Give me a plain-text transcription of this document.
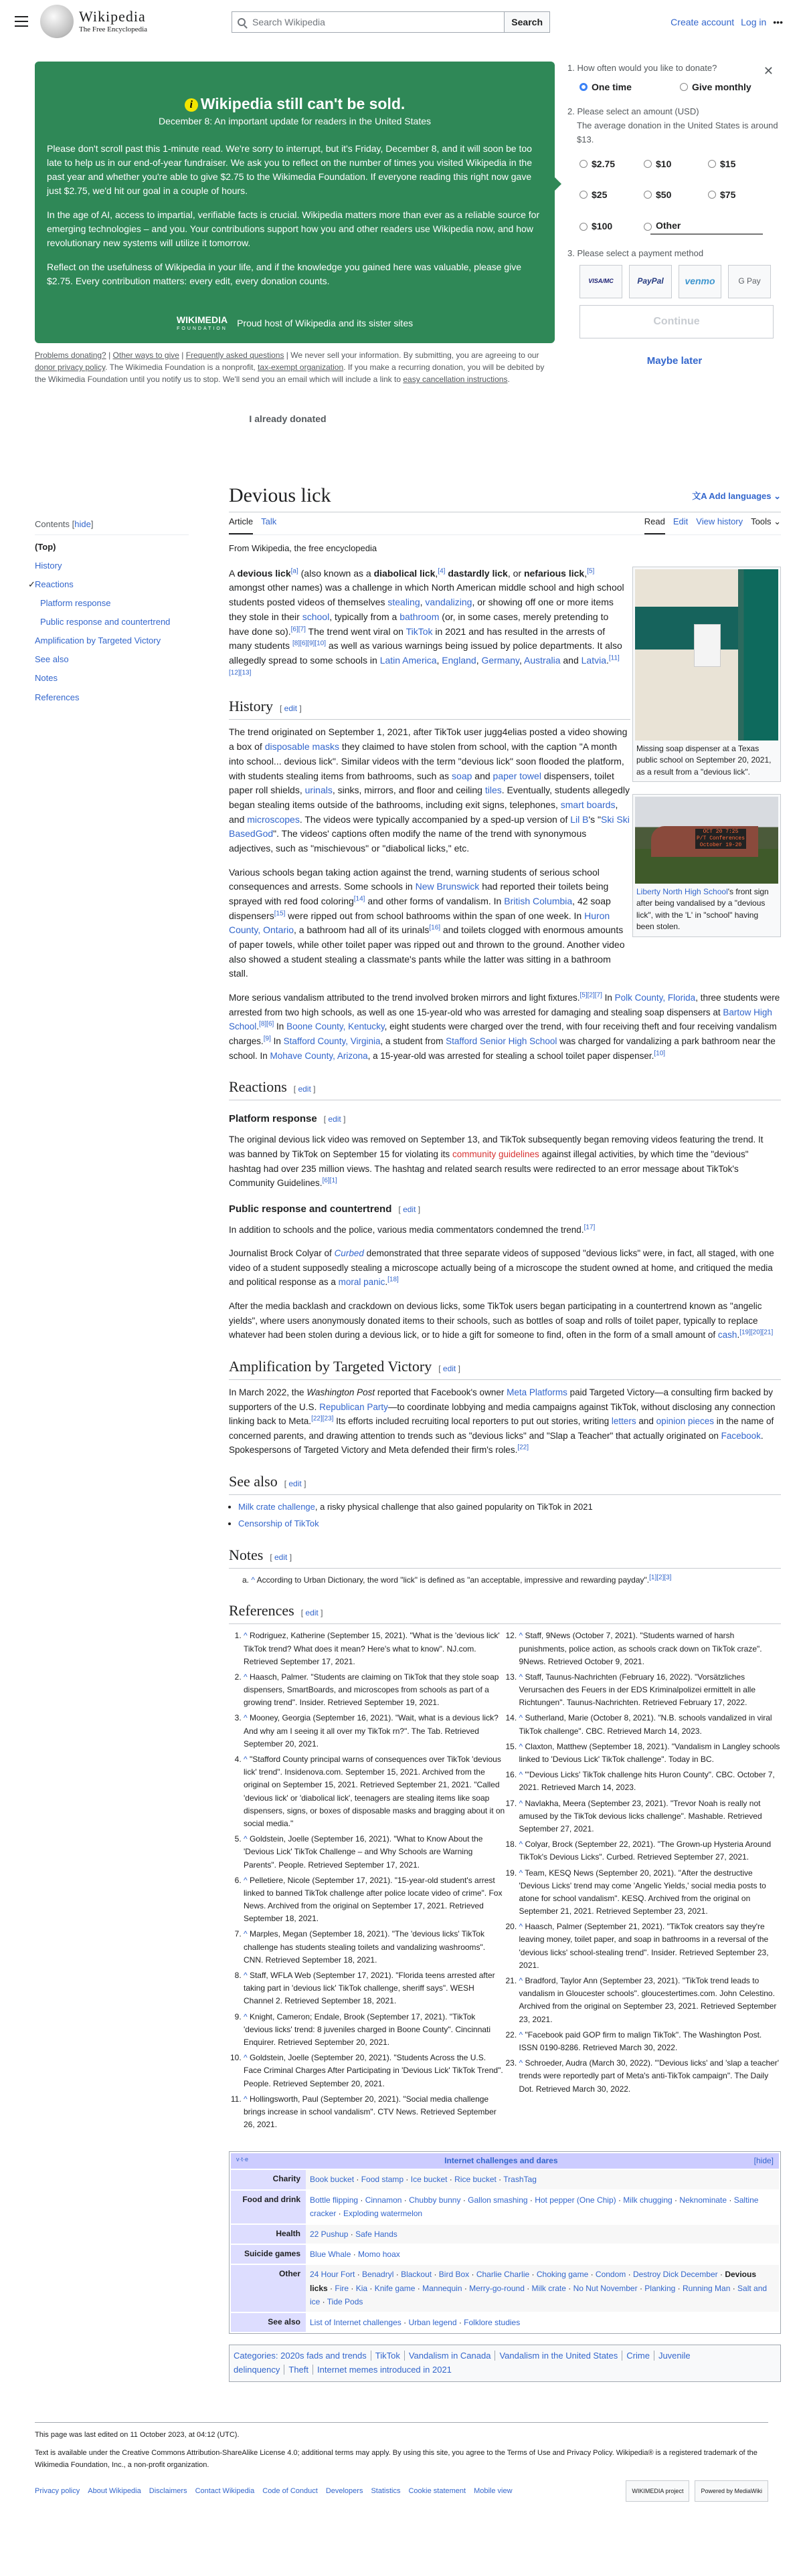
Wikipedia
The Free Encyclopedia
Search Wikipedia	Search	Create account Log in •••
i Wikipedia still can't be sold.
December 8: An important update for readers in the United States

Please don't scroll past this 1-minute read. We're sorry to interrupt, but it's Friday, December 8, and it will soon be too late to help us in our end-of-year fundraiser. We ask you to reflect on the number of times you visited Wikipedia in the past year and whether you're able to give $2.75 to the Wikimedia Foundation. If everyone reading this right now gave just $2.75, we'd hit our goal in a couple of hours.

In the age of AI, access to impartial, verifiable facts is crucial. Wikipedia matters more than ever as a reliable source for emerging technologies – and you. Your contributions support how you and other readers use Wikipedia now, and how revolutionary new systems will utilize it tomorrow.

Reflect on the usefulness of Wikipedia in your life, and if the knowledge you gained here was valuable, please give $2.75. Every contribution matters: every edit, every donation counts.

WIKIMEDIA
FOUNDATION
Proud host of Wikipedia and its sister sites
✕
1. How often would you like to donate?
One time	Give monthly
2. Please select an amount (USD)
The average donation in the United States is around $13.
$2.75	$10	$15
$25	$50	$75
$100	Other
3. Please select a payment method
VISA/MC	PayPal	venmo	G Pay
Continue
Maybe later
Problems donating? | Other ways to give | Frequently asked questions | We never sell your information. By submitting, you are agreeing to our donor privacy policy. The Wikimedia Foundation is a nonprofit, tax-exempt organization. If you make a recurring donation, you will be debited by the Wikimedia Foundation until you notify us to stop. We'll send you an email which will include a link to easy cancellation instructions.
I already donated
Contents [hide]
(Top)
History
✓ Reactions
Platform response
Public response and countertrend
Amplification by Targeted Victory
See also
Notes
References
Devious lick	文A Add languages ⌄
Article Talk	Read Edit View history Tools ⌄
From Wikipedia, the free encyclopedia
Missing soap dispenser at a Texas public school on September 20, 2021, as a result from a "devious lick".
OCT 20 7:25
P/T Conferences
October 19-20
Liberty North High School's front sign after being vandalised by a "devious lick", with the 'L' in "school" having been stolen.

A devious lick[a] (also known as a diabolical lick,[4] dastardly lick, or nefarious lick,[5] amongst other names) was a challenge in which North American middle school and high school students posted videos of themselves stealing, vandalizing, or showing off one or more items they stole in their school, typically from a bathroom (or, in some cases, merely pretending to have done so).[6][7] The trend went viral on TikTok in 2021 and has resulted in the arrests of many students [8][6][9][10] as well as various warnings being issued by police departments. It also allegedly spread to some schools in Latin America, England, Germany, Australia and Latvia.[11][12][13]

History [ edit ]

The trend originated on September 1, 2021, after TikTok user jugg4elias posted a video showing a box of disposable masks they claimed to have stolen from school, with the caption "A month into school... devious lick". Similar videos with the term "devious lick" soon flooded the platform, with students stealing items from bathrooms, such as soap and paper towel dispensers, toilet paper roll shields, urinals, sinks, mirrors, and floor and ceiling tiles. Eventually, students allegedly began stealing items outside of the bathrooms, including exit signs, telephones, smart boards, and microscopes. The videos were typically accompanied by a sped-up version of Lil B's "Ski Ski BasedGod". The videos' captions often modify the name of the trend with synonymous adjectives, such as "mischievous" or "diabolical licks," etc.

Various schools began taking action against the trend, warning students of serious school consequences and arrests. Some schools in New Brunswick had reported their toilets being sprayed with red food coloring[14] and other forms of vandalism. In British Columbia, 42 soap dispensers[15] were ripped out from school bathrooms within the span of one week. In Huron County, Ontario, a bathroom had all of its urinals[16] and toilets clogged with enormous amounts of paper towels, while other toilet paper was ripped out and thrown to the ground. Another video also showed a student stealing a classmate's pants while the latter was sitting in a bathroom stall.

More serious vandalism attributed to the trend involved broken mirrors and light fixtures.[5][2][7] In Polk County, Florida, three students were arrested from two high schools, as well as one 15-year-old who was arrested for damaging and stealing soap dispensers at Bartow High School.[8][6] In Boone County, Kentucky, eight students were charged over the trend, with four receiving theft and four receiving vandalism charges.[9] In Stafford County, Virginia, a student from Stafford Senior High School was charged for vandalizing a park bathroom near the school. In Mohave County, Arizona, a 15-year-old was arrested for stealing a school toilet paper dispenser.[10]

Reactions [ edit ]
Platform response [ edit ]

The original devious lick video was removed on September 13, and TikTok subsequently began removing videos featuring the trend. It was banned by TikTok on September 15 for violating its community guidelines against illegal activities, by which time the "devious" hashtag had over 235 million views. The hashtag and related search results were redirected to an error message about TikTok's Community Guidelines.[6][1]

Public response and countertrend [ edit ]

In addition to schools and the police, various media commentators condemned the trend.[17]

Journalist Brock Colyar of Curbed demonstrated that three separate videos of supposed "devious licks" were, in fact, all staged, with one video of a student supposedly stealing a microscope actually being of a microscope the student owned at home, and critiqued the media and political response as a moral panic.[18]

After the media backlash and crackdown on devious licks, some TikTok users began participating in a countertrend known as "angelic yields", where users anonymously donated items to their schools, such as bottles of soap and rolls of toilet paper, typically to replace whatever had been stolen during a devious lick, or to hide a gift for someone to find, often in the form of a small amount of cash.[19][20][21]

Amplification by Targeted Victory [ edit ]

In March 2022, the Washington Post reported that Facebook's owner Meta Platforms paid Targeted Victory—a consulting firm backed by supporters of the U.S. Republican Party—to coordinate lobbying and media campaigns against TikTok, without disclosing any connection linking back to Meta.[22][23] Its efforts included recruiting local reporters to put out stories, writing letters and opinion pieces in the name of concerned parents, and drawing attention to trends such as "devious licks" and "Slap a Teacher" that actually originated on Facebook. Spokespersons of Targeted Victory and Meta defended their firm's roles.[22]

See also [ edit ]
• Milk crate challenge, a risky physical challenge that also gained popularity on TikTok in 2021
• Censorship of TikTok
Notes [ edit ]
a. ^ According to Urban Dictionary, the word "lick" is defined as "an acceptable, impressive and rewarding payday".[1][2][3]
References [ edit ]
1. ^ Rodriguez, Katherine (September 15, 2021). "What is the 'devious lick' TikTok trend? What does it mean? Here's what to know". NJ.com. Retrieved September 17, 2021.
2. ^ Haasch, Palmer. "Students are claiming on TikTok that they stole soap dispensers, SmartBoards, and microscopes from schools as part of a growing trend". Insider. Retrieved September 19, 2021.
3. ^ Mooney, Georgia (September 16, 2021). "Wait, what is a devious lick? And why am I seeing it all over my TikTok rn?". The Tab. Retrieved September 20, 2021.
4. ^ "Stafford County principal warns of consequences over TikTok 'devious lick' trend". Insidenova.com. September 15, 2021. Archived from the original on September 15, 2021. Retrieved September 21, 2021. "Called 'devious lick' or 'diabolical lick', teenagers are stealing items like soap dispensers, signs, or boxes of disposable masks and bragging about it on social media."
5. ^ Goldstein, Joelle (September 16, 2021). "What to Know About the 'Devious Lick' TikTok Challenge – and Why Schools are Warning Parents". People. Retrieved September 17, 2021.
6. ^ Pelletiere, Nicole (September 17, 2021). "15-year-old student's arrest linked to banned TikTok challenge after police locate video of crime". Fox News. Archived from the original on September 17, 2021. Retrieved September 18, 2021.
7. ^ Marples, Megan (September 18, 2021). "The 'devious licks' TikTok challenge has students stealing toilets and vandalizing washrooms". CNN. Retrieved September 18, 2021.
8. ^ Staff, WFLA Web (September 17, 2021). "Florida teens arrested after taking part in 'devious lick' TikTok challenge, sheriff says". WESH Channel 2. Retrieved September 18, 2021.
9. ^ Knight, Cameron; Endale, Brook (September 17, 2021). "TikTok 'devious licks' trend: 8 juveniles charged in Boone County". Cincinnati Enquirer. Retrieved September 20, 2021.
10. ^ Goldstein, Joelle (September 20, 2021). "Students Across the U.S. Face Criminal Charges After Participating in 'Devious Lick' TikTok Trend". People. Retrieved September 20, 2021.
11. ^ Hollingsworth, Paul (September 20, 2021). "Social media challenge brings increase in school vandalism". CTV News. Retrieved September 26, 2021.
12. ^ Staff, 9News (October 7, 2021). "Students warned of harsh punishments, police action, as schools crack down on TikTok craze". 9News. Retrieved October 9, 2021.
13. ^ Staff, Taunus-Nachrichten (February 16, 2022). "Vorsätzliches Verursachen des Feuers in der EDS Kriminalpolizei ermittelt in alle Richtungen". Taunus-Nachrichten. Retrieved February 17, 2022.
14. ^ Sutherland, Marie (October 8, 2021). "N.B. schools vandalized in viral TikTok challenge". CBC. Retrieved March 14, 2023.
15. ^ Claxton, Matthew (September 18, 2021). "Vandalism in Langley schools linked to 'Devious Lick' TikTok challenge". Today in BC.
16. ^ "'Devious Licks' TikTok challenge hits Huron County". CBC. October 7, 2021. Retrieved March 14, 2023.
17. ^ Navlakha, Meera (September 23, 2021). "Trevor Noah is really not amused by the TikTok devious licks challenge". Mashable. Retrieved September 27, 2021.
18. ^ Colyar, Brock (September 22, 2021). "The Grown-up Hysteria Around TikTok's Devious Licks". Curbed. Retrieved September 27, 2021.
19. ^ Team, KESQ News (September 20, 2021). "After the destructive 'Devious Licks' trend may come 'Angelic Yields,' social media posts to atone for school vandalism". KESQ. Archived from the original on September 21, 2021. Retrieved September 23, 2021.
20. ^ Haasch, Palmer (September 21, 2021). "TikTok creators say they're leaving money, toilet paper, and soap in bathrooms in a reversal of the 'devious licks' school-stealing trend". Insider. Retrieved September 23, 2021.
21. ^ Bradford, Taylor Ann (September 23, 2021). "TikTok trend leads to vandalism in Gloucester schools". gloucestertimes.com. John Celestino. Archived from the original on September 23, 2021. Retrieved September 23, 2021.
22. ^ "Facebook paid GOP firm to malign TikTok". The Washington Post. ISSN 0190-8286. Retrieved March 30, 2022.
23. ^ Schroeder, Audra (March 30, 2022). "'Devious licks' and 'slap a teacher' trends were reportedly part of Meta's anti-TikTok campaign". The Daily Dot. Retrieved March 30, 2022.
v·t·e	Internet challenges and dares	[hide]
Charity	Book bucket · Food stamp · Ice bucket · Rice bucket · TrashTag
Food and drink	Bottle flipping · Cinnamon · Chubby bunny · Gallon smashing · Hot pepper (One Chip) · Milk chugging · Neknominate · Saltine cracker · Exploding watermelon
Health	22 Pushup · Safe Hands
Suicide games	Blue Whale · Momo hoax
Other	24 Hour Fort · Benadryl · Blackout · Bird Box · Charlie Charlie · Choking game · Condom · Destroy Dick December · Devious licks · Fire · Kia · Knife game · Mannequin · Merry-go-round · Milk crate · No Nut November · Planking · Running Man · Salt and ice · Tide Pods
See also	List of Internet challenges · Urban legend · Folklore studies
Categories: 2020s fads and trends TikTok Vandalism in Canada Vandalism in the United States Crime Juvenile delinquency Theft Internet memes introduced in 2021

This page was last edited on 11 October 2023, at 04:12 (UTC).

Text is available under the Creative Commons Attribution-ShareAlike License 4.0; additional terms may apply. By using this site, you agree to the Terms of Use and Privacy Policy. Wikipedia® is a registered trademark of the Wikimedia Foundation, Inc., a non-profit organization.

Privacy policy About Wikipedia Disclaimers Contact Wikipedia Code of Conduct Developers Statistics Cookie statement Mobile view	WIKIMEDIA project	Powered by MediaWiki
